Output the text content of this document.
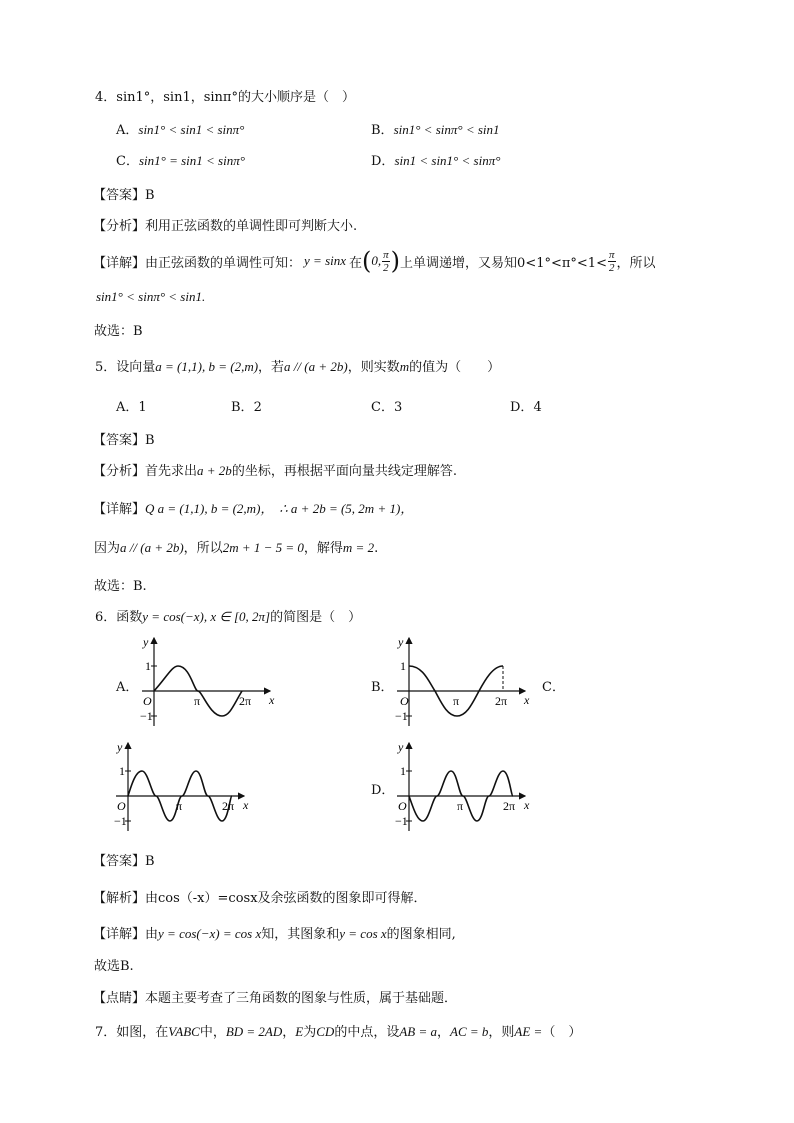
4．sin1°，sin1，sinπ°的大小顺序是（　）
A．sin1° < sin1 < sinπ°	B．sin1° < sinπ° < sin1
C．sin1° = sin1 < sinπ°	D．sin1 < sin1° < sinπ°
【答案】B
【分析】利用正弦函数的单调性即可判断大小.
【详解】 由正弦函数的单调性可知： y = sinx 在 ( 0, $\frac{\pi}{2}$ ) 上单调递增，又易知$0<1^\circ<\pi^\circ<1< \frac{\pi}{2}$ ，所以
sin1° < sinπ° < sin1.
故选：B
5．设向量a = (1,1), b = (2,m)，若a // (a + 2b)，则实数m的值为（　　）
A．1	B．2	C．3	D．4
【答案】B
【分析】首先求出a + 2b的坐标，再根据平面向量共线定理解答.
【详解】Q a = (1,1), b = (2,m)， ∴ a + 2b = (5, 2m + 1)，
因为a // (a + 2b)，所以2m + 1 − 5 = 0，解得m = 2.
故选：B.
6．函数y = cos(−x), x ∈ [0, 2π]的简图是（　）
A．
y
x
O
1
−1
π	2π
B．
y
x
O
1
−1
π	2π
C．
y
x
O
1
−1
π	2π
D．
y
x
O
1
−1
π	2π
【答案】B
【解析】由cos（-x）=cosx及余弦函数的图象即可得解．
【详解】由y = cos(−x) = cos x知，其图象和y = cos x的图象相同,
故选B.
【点睛】本题主要考查了三角函数的图象与性质，属于基础题．
7．如图，在VABC中，BD = 2AD，E为CD的中点，设AB = a，AC = b，则AE =（　）
